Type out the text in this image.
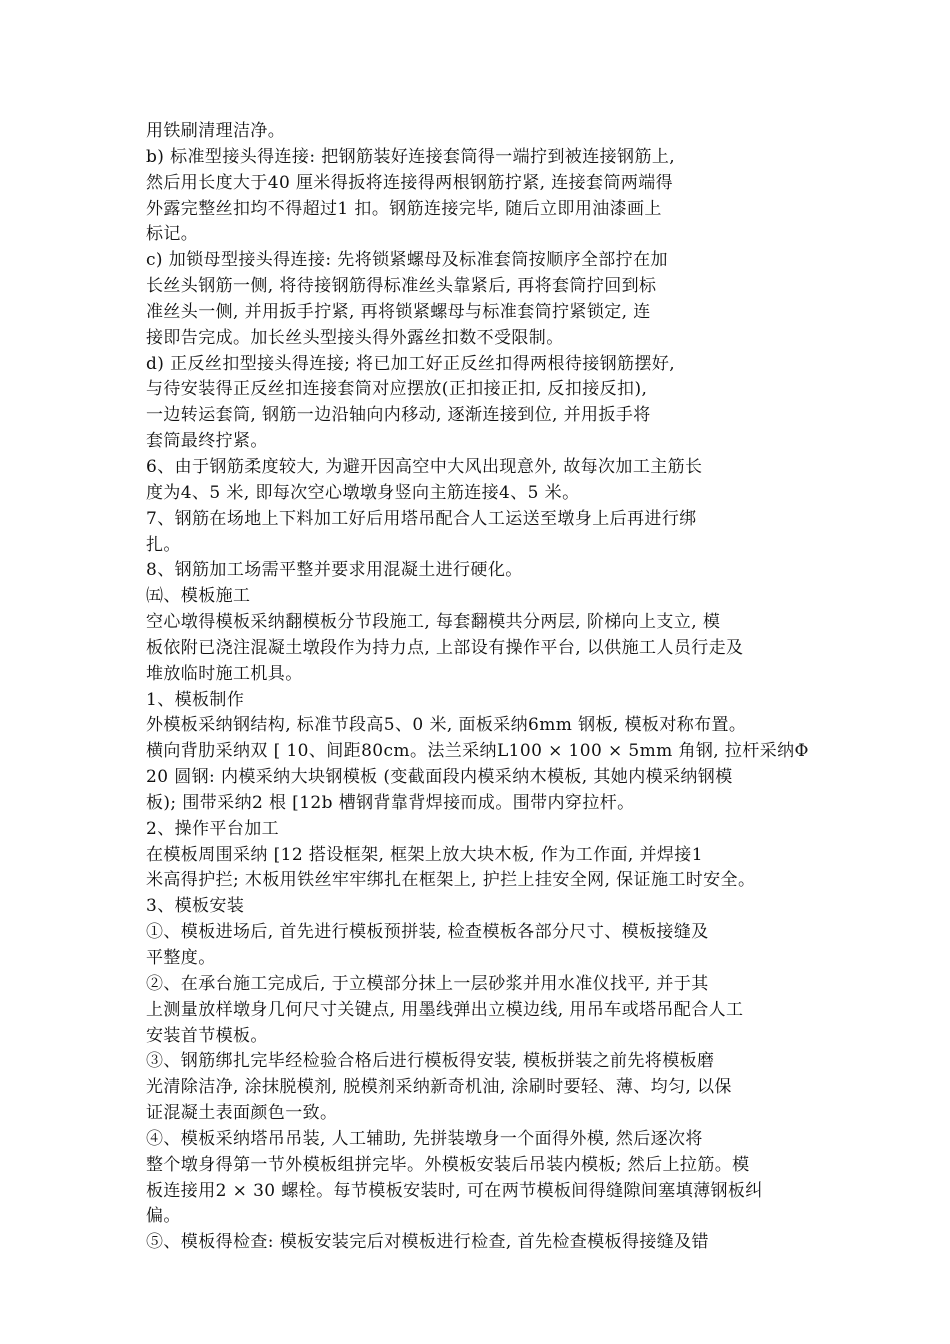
用铁刷清理洁净。
b) 标准型接头得连接: 把钢筋装好连接套筒得一端拧到被连接钢筋上,
然后用长度大于40 厘米得扳将连接得两根钢筋拧紧, 连接套筒两端得
外露完整丝扣均不得超过1 扣。钢筋连接完毕, 随后立即用油漆画上
标记。
c) 加锁母型接头得连接: 先将锁紧螺母及标准套筒按顺序全部拧在加
长丝头钢筋一侧, 将待接钢筋得标准丝头靠紧后, 再将套筒拧回到标
准丝头一侧, 并用扳手拧紧, 再将锁紧螺母与标准套筒拧紧锁定, 连
接即告完成。加长丝头型接头得外露丝扣数不受限制。
d) 正反丝扣型接头得连接; 将已加工好正反丝扣得两根待接钢筋摆好,
与待安装得正反丝扣连接套筒对应摆放(正扣接正扣, 反扣接反扣),
一边转运套筒, 钢筋一边沿轴向内移动, 逐渐连接到位, 并用扳手将
套筒最终拧紧。
6、由于钢筋柔度较大, 为避开因高空中大风出现意外, 故每次加工主筋长
度为4、5 米, 即每次空心墩墩身竖向主筋连接4、5 米。
7、钢筋在场地上下料加工好后用塔吊配合人工运送至墩身上后再进行绑
扎。
8、钢筋加工场需平整并要求用混凝土进行硬化。
㈤、模板施工
空心墩得模板采纳翻模板分节段施工, 每套翻模共分两层, 阶梯向上支立, 模
板依附已浇注混凝土墩段作为持力点, 上部设有操作平台, 以供施工人员行走及
堆放临时施工机具。
1、模板制作
外模板采纳钢结构, 标准节段高5、0 米, 面板采纳6mm 钢板, 模板对称布置。
横向背肋采纳双 [ 10、间距80cm。法兰采纳L100 × 100 × 5mm 角钢, 拉杆采纳Φ
20 圆钢: 内模采纳大块钢模板 (变截面段内模采纳木模板, 其她内模采纳钢模
板); 围带采纳2 根 [12b 槽钢背靠背焊接而成。围带内穿拉杆。
2、操作平台加工
在模板周围采纳 [12 搭设框架, 框架上放大块木板, 作为工作面, 并焊接1
米高得护拦; 木板用铁丝牢牢绑扎在框架上, 护拦上挂安全网, 保证施工时安全。
3、模板安装
①、模板进场后, 首先进行模板预拼装, 检查模板各部分尺寸、模板接缝及
平整度。
②、在承台施工完成后, 于立模部分抹上一层砂浆并用水准仪找平, 并于其
上测量放样墩身几何尺寸关键点, 用墨线弹出立模边线, 用吊车或塔吊配合人工
安装首节模板。
③、钢筋绑扎完毕经检验合格后进行模板得安装, 模板拼装之前先将模板磨
光清除洁净, 涂抹脱模剂, 脱模剂采纳新奇机油, 涂刷时要轻、薄、均匀, 以保
证混凝土表面颜色一致。
④、模板采纳塔吊吊装, 人工辅助, 先拼装墩身一个面得外模, 然后逐次将
整个墩身得第一节外模板组拼完毕。外模板安装后吊装内模板; 然后上拉筋。模
板连接用2 × 30 螺栓。每节模板安装时, 可在两节模板间得缝隙间塞填薄钢板纠
偏。
⑤、模板得检查: 模板安装完后对模板进行检查, 首先检查模板得接缝及错
